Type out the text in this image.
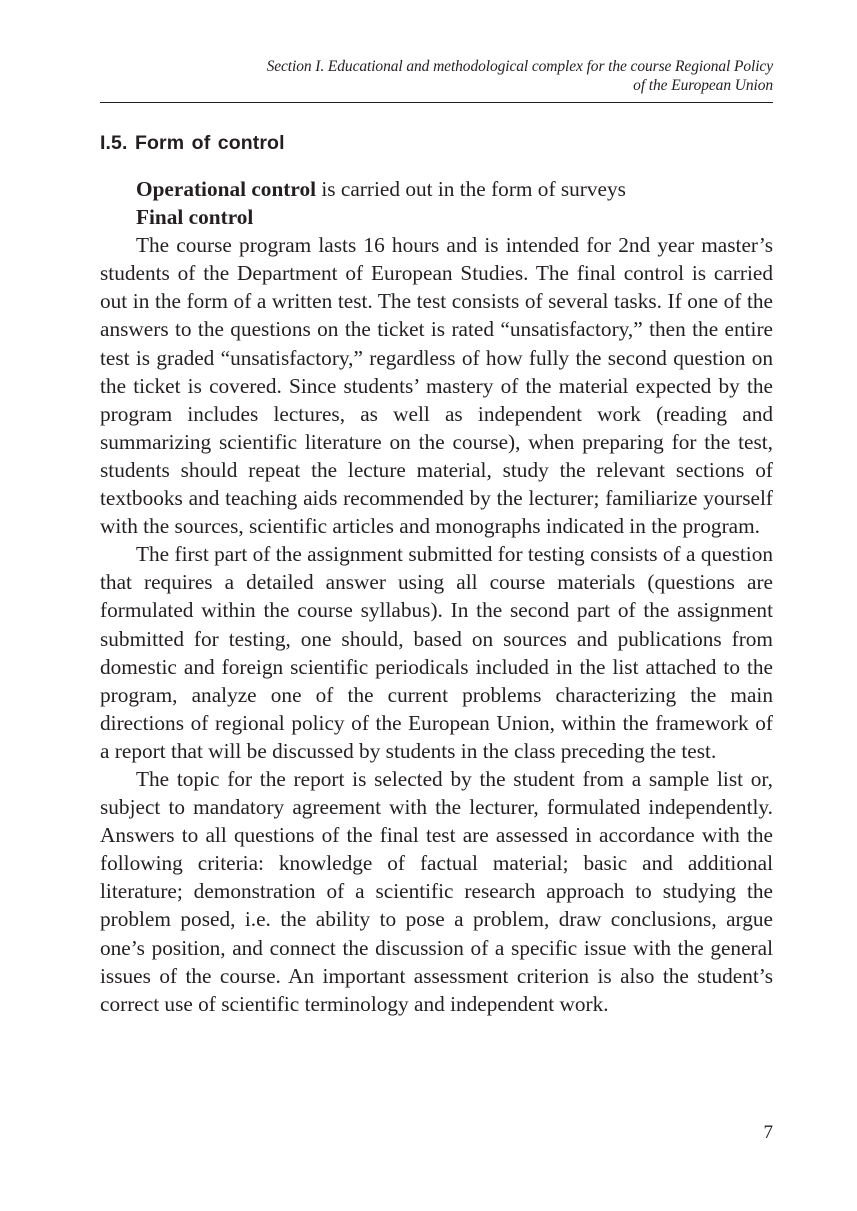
Section I. Educational and methodological complex for the course Regional Policy
of the European Union
I.5. Form of control

Operational control is carried out in the form of surveys

Final control

The course program lasts 16 hours and is intended for 2nd year master’s students of the Department of European Studies. The final control is carried out in the form of a written test. The test consists of several tasks. If one of the answers to the questions on the ticket is rated “unsatisfactory,” then the entire test is graded “unsatisfactory,” regardless of how fully the second question on the ticket is covered. Since students’ mastery of the material expected by the program includes lectures, as well as independent work (reading and summarizing scientific literature on the course), when preparing for the test, students should repeat the lecture material, study the relevant sections of textbooks and teaching aids recommended by the lecturer; familiarize yourself with the sources, scientific articles and monographs indicated in the program.

The first part of the assignment submitted for testing consists of a question that requires a detailed answer using all course materials (questions are formulated within the course syllabus). In the second part of the assignment submitted for testing, one should, based on sources and publications from domestic and foreign scientific periodicals included in the list attached to the program, analyze one of the current problems characterizing the main directions of regional policy of the European Union, within the framework of a report that will be discussed by students in the class preceding the test.

The topic for the report is selected by the student from a sample list or, subject to mandatory agreement with the lecturer, formulated independently. Answers to all questions of the final test are assessed in accordance with the following criteria: knowledge of factual material; basic and additional literature; demonstration of a scientific research approach to studying the problem posed, i.e. the ability to pose a problem, draw conclusions, argue one’s position, and connect the discussion of a specific issue with the general issues of the course. An important assessment criterion is also the student’s correct use of scientific terminology and independent work.

7
